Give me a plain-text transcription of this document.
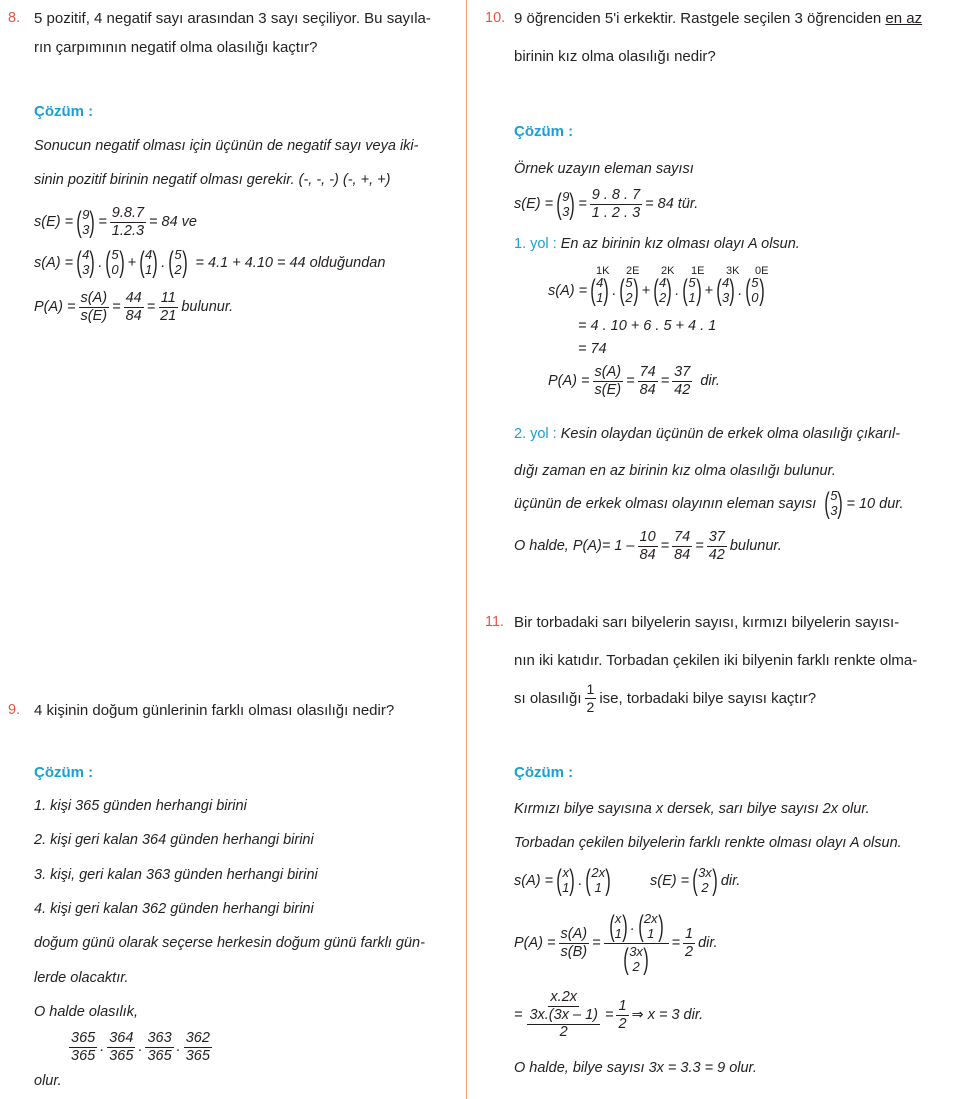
8. 5 pozitif, 4 negatif sayı arasından 3 sayı seçiliyor. Bu sayıla-
rın çarpımının negatif olma olasılığı kaçtır?
Çözüm :
Sonucun negatif olması için üçünün de negatif sayı veya iki-
sinin pozitif birinin negatif olması gerekir. (-, -, -) (-, +, +)
s(E) = ( 9
3 ) = $\frac{9.8.7}{1.2.3} = 84$ ve
s(A) = ( 4
3 ) . ( 5
0 ) + ( 4
1 ) . ( 5
2 ) = 4.1 + 4.10 = 44 olduğundan
$P(A) = \frac{s(A)}{s(E)} = \frac{44}{84} = \frac{11}{21}$ bulunur.
9. 4 kişinin doğum günlerinin farklı olması olasılığı nedir?
Çözüm :
1. kişi 365 günden herhangi birini
2. kişi geri kalan 364 günden herhangi birini
3. kişi, geri kalan 363 günden herhangi birini
4. kişi geri kalan 362 günden herhangi birini
doğum günü olarak seçerse herkesin doğum günü farklı gün-
lerde olacaktır.
O halde olasılık,
$\frac{365}{365}$ . $\frac{364}{365}$ . $\frac{363}{365}$ . $\frac{362}{365}$
olur.
10. 9 öğrenciden 5'i erkektir. Rastgele seçilen 3 öğrenciden en az
birinin kız olma olasılığı nedir?
Çözüm :
Örnek uzayın eleman sayısı
s(E) = ( 9
3 ) = $\frac{9 . 8 . 7}{1 . 2 . 3} = 84$ tür.
1. yol : En az birinin kız olması olayı A olsun.
1K 2E 2K 1E 3K 0E
s(A) = ( 4
1 ) . ( 5
2 ) + ( 4
2 ) . ( 5
1 ) + ( 4
3 ) . ( 5
0 )
= 4 . 10 + 6 . 5 + 4 . 1
= 74
$P(A) = \frac{s(A)}{s(E)} = \frac{74}{84} = \frac{37}{42}$ dir.
2. yol : Kesin olaydan üçünün de erkek olma olasılığı çıkarıl-
dığı zaman en az birinin kız olma olasılığı bulunur.
üçünün de erkek olması olayının eleman sayısı ( 5
3 ) = 10 dur.
O halde, $P(A)= 1 - \frac{10}{84} = \frac{74}{84} = \frac{37}{42}$ bulunur.
11. Bir torbadaki sarı bilyelerin sayısı, kırmızı bilyelerin sayısı-
nın iki katıdır. Torbadan çekilen iki bilyenin farklı renkte olma-
sı olasılığı $\frac{1}{2}$ ise, torbadaki bilye sayısı kaçtır?
Çözüm :
Kırmızı bilye sayısına x dersek, sarı bilye sayısı 2x olur.
Torbadan çekilen bilyelerin farklı renkte olması olayı A olsun.
s(A) = ( x
1 ) . ( 2x
1 )	s(E) = ( 3x
2 ) dir.
$P(A) = \frac{s(A)}{s(B)}$ = ( x
1 ) . ( 2x
1 )
( 3x
2 ) = $\frac{1}{2}$ dir.
= x.2x
3x.(3x – 1)
$2 = \frac{1}{2}$ ⇒ x = 3 dir.
O halde, bilye sayısı 3x = 3.3 = 9 olur.
